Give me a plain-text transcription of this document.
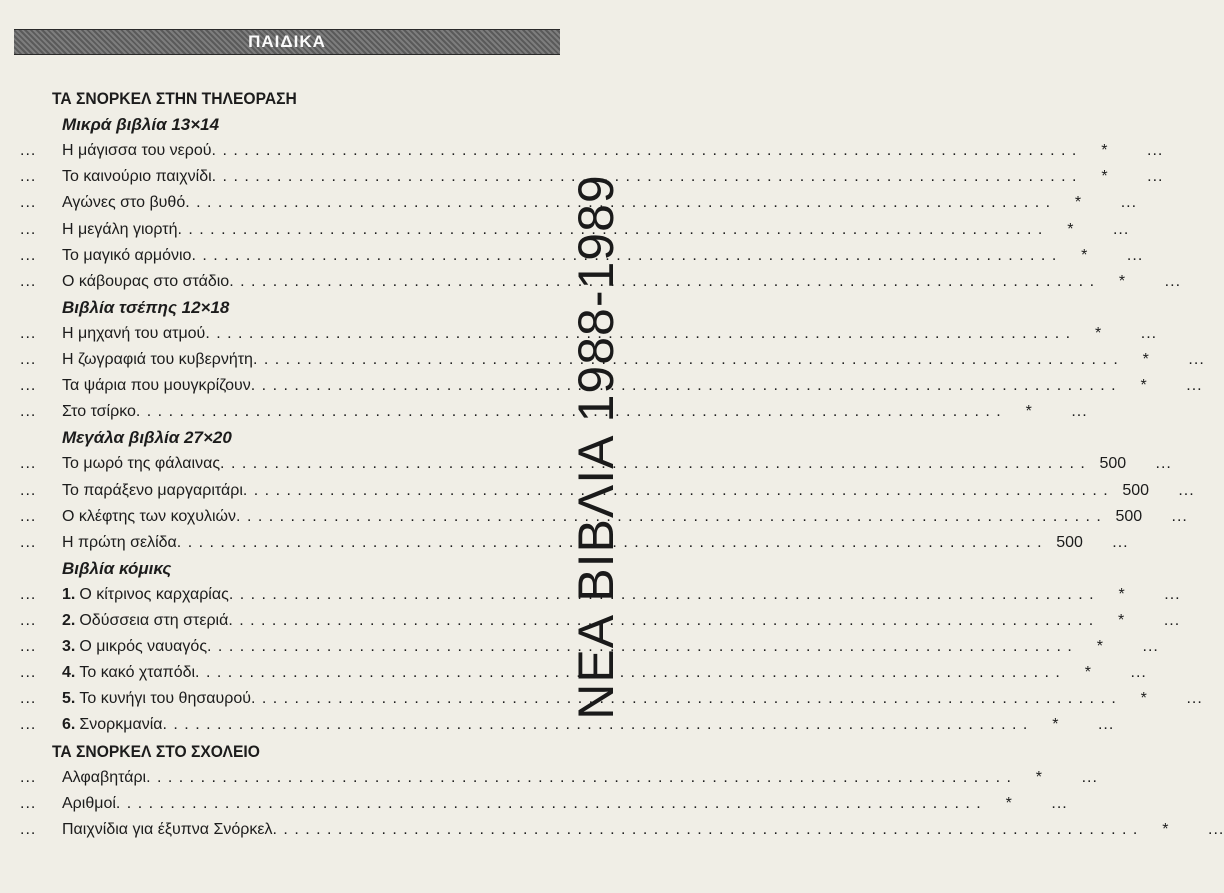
ΠΑΙΔΙΚΑ
ΝΕΑ ΒΙΒΛΙΑ 1988-1989
ΤΑ ΣΝΟΡΚΕΛ ΣΤΗΝ ΤΗΛΕΟΡΑΣΗ
Μικρά βιβλία 13×14
...	Η μάγισσα του νερού . . . . . . . . . . . . . . . . . . . . . . . . . . . . . . . . . . . . . . . . . . . . . . . . . . . . . . . . . . . . . . . . . . . . . . . . . . . . . . . .	*	...
...	Το καινούριο παιχνίδι . . . . . . . . . . . . . . . . . . . . . . . . . . . . . . . . . . . . . . . . . . . . . . . . . . . . . . . . . . . . . . . . . . . . . . . . . . . . . . . .	*	...
...	Αγώνες στο βυθό . . . . . . . . . . . . . . . . . . . . . . . . . . . . . . . . . . . . . . . . . . . . . . . . . . . . . . . . . . . . . . . . . . . . . . . . . . . . . . . .	*	...
...	Η μεγάλη γιορτή . . . . . . . . . . . . . . . . . . . . . . . . . . . . . . . . . . . . . . . . . . . . . . . . . . . . . . . . . . . . . . . . . . . . . . . . . . . . . . . .	*	...
...	Το μαγικό αρμόνιο . . . . . . . . . . . . . . . . . . . . . . . . . . . . . . . . . . . . . . . . . . . . . . . . . . . . . . . . . . . . . . . . . . . . . . . . . . . . . . . .	*	...
...	Ο κάβουρας στο στάδιο . . . . . . . . . . . . . . . . . . . . . . . . . . . . . . . . . . . . . . . . . . . . . . . . . . . . . . . . . . . . . . . . . . . . . . . . . . . . . . . .	*	...
Βιβλία τσέπης 12×18
...	Η μηχανή του ατμού . . . . . . . . . . . . . . . . . . . . . . . . . . . . . . . . . . . . . . . . . . . . . . . . . . . . . . . . . . . . . . . . . . . . . . . . . . . . . . . .	*	...
...	Η ζωγραφιά του κυβερνήτη . . . . . . . . . . . . . . . . . . . . . . . . . . . . . . . . . . . . . . . . . . . . . . . . . . . . . . . . . . . . . . . . . . . . . . . . . . . . . . . .	*	...
...	Τα ψάρια που μουγκρίζουν . . . . . . . . . . . . . . . . . . . . . . . . . . . . . . . . . . . . . . . . . . . . . . . . . . . . . . . . . . . . . . . . . . . . . . . . . . . . . . . .	*	...
...	Στο τσίρκο . . . . . . . . . . . . . . . . . . . . . . . . . . . . . . . . . . . . . . . . . . . . . . . . . . . . . . . . . . . . . . . . . . . . . . . . . . . . . . . .	*	...
Μεγάλα βιβλία 27×20
...	Το μωρό της φάλαινας . . . . . . . . . . . . . . . . . . . . . . . . . . . . . . . . . . . . . . . . . . . . . . . . . . . . . . . . . . . . . . . . . . . . . . . . . . . . . . . . 500	...
...	Το παράξενο μαργαριτάρι . . . . . . . . . . . . . . . . . . . . . . . . . . . . . . . . . . . . . . . . . . . . . . . . . . . . . . . . . . . . . . . . . . . . . . . . . . . . . . . . 500	...
...	Ο κλέφτης των κοχυλιών . . . . . . . . . . . . . . . . . . . . . . . . . . . . . . . . . . . . . . . . . . . . . . . . . . . . . . . . . . . . . . . . . . . . . . . . . . . . . . . . 500	...
...	Η πρώτη σελίδα . . . . . . . . . . . . . . . . . . . . . . . . . . . . . . . . . . . . . . . . . . . . . . . . . . . . . . . . . . . . . . . . . . . . . . . . . . . . . . . . 500	...
Βιβλία κόμικς
...	1. Ο κίτρινος καρχαρίας . . . . . . . . . . . . . . . . . . . . . . . . . . . . . . . . . . . . . . . . . . . . . . . . . . . . . . . . . . . . . . . . . . . . . . . . . . . . . . . .	*	...
...	2. Οδύσσεια στη στεριά . . . . . . . . . . . . . . . . . . . . . . . . . . . . . . . . . . . . . . . . . . . . . . . . . . . . . . . . . . . . . . . . . . . . . . . . . . . . . . . .	*	...
...	3. Ο μικρός ναυαγός . . . . . . . . . . . . . . . . . . . . . . . . . . . . . . . . . . . . . . . . . . . . . . . . . . . . . . . . . . . . . . . . . . . . . . . . . . . . . . . .	*	...
...	4. Το κακό χταπόδι . . . . . . . . . . . . . . . . . . . . . . . . . . . . . . . . . . . . . . . . . . . . . . . . . . . . . . . . . . . . . . . . . . . . . . . . . . . . . . . .	*	...
...	5. Το κυνήγι του θησαυρού . . . . . . . . . . . . . . . . . . . . . . . . . . . . . . . . . . . . . . . . . . . . . . . . . . . . . . . . . . . . . . . . . . . . . . . . . . . . . . . .	*	...
...	6. Σνορκμανία . . . . . . . . . . . . . . . . . . . . . . . . . . . . . . . . . . . . . . . . . . . . . . . . . . . . . . . . . . . . . . . . . . . . . . . . . . . . . . . .	*	...
ΤΑ ΣΝΟΡΚΕΛ ΣΤΟ ΣΧΟΛΕΙΟ
...	Αλφαβητάρι . . . . . . . . . . . . . . . . . . . . . . . . . . . . . . . . . . . . . . . . . . . . . . . . . . . . . . . . . . . . . . . . . . . . . . . . . . . . . . . .	*	...
...	Αριθμοί . . . . . . . . . . . . . . . . . . . . . . . . . . . . . . . . . . . . . . . . . . . . . . . . . . . . . . . . . . . . . . . . . . . . . . . . . . . . . . . .	*	...
...	Παιχνίδια για έξυπνα Σνόρκελ . . . . . . . . . . . . . . . . . . . . . . . . . . . . . . . . . . . . . . . . . . . . . . . . . . . . . . . . . . . . . . . . . . . . . . . . . . . . . . . .	*	...
